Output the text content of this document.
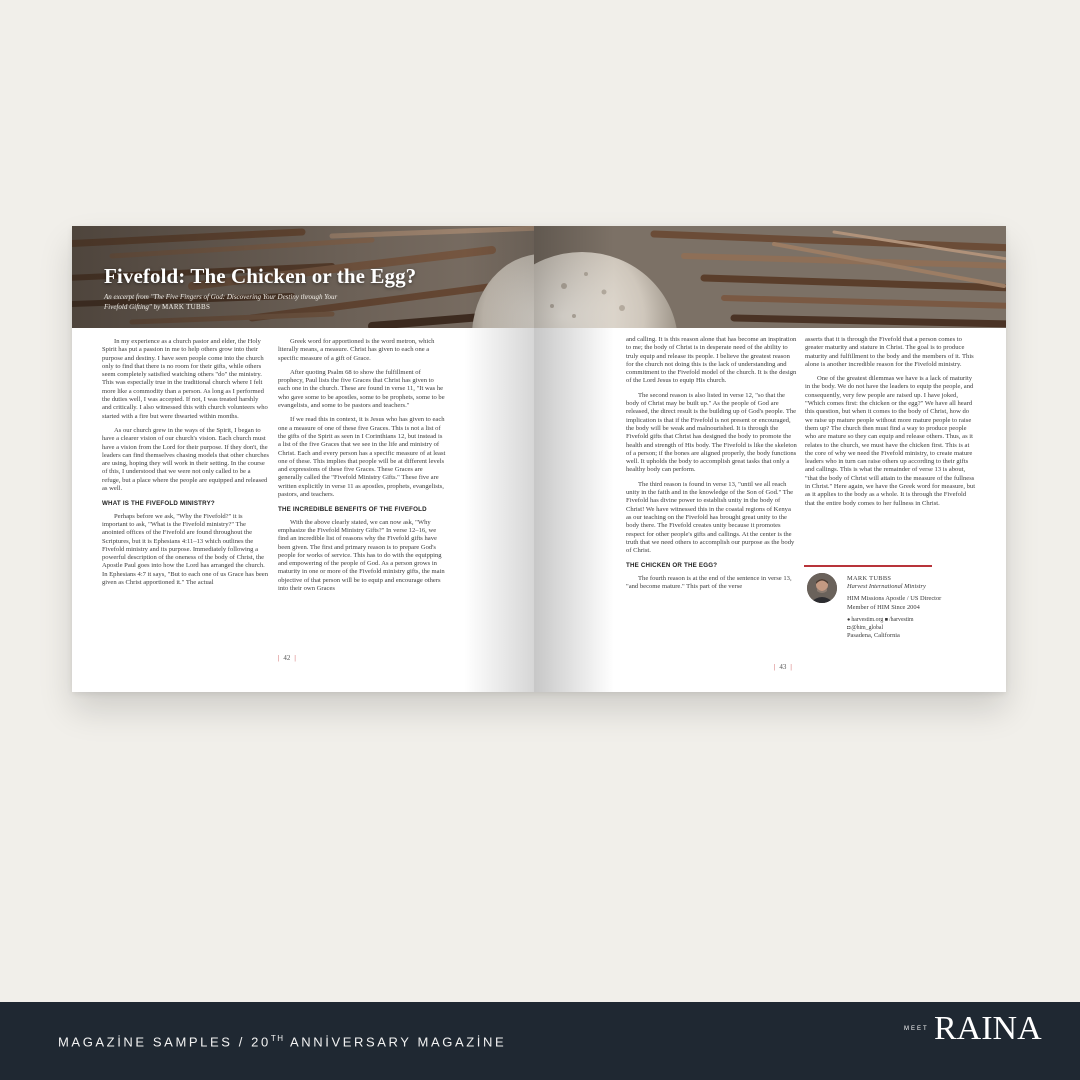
Fivefold: The Chicken or the Egg?
An excerpt from "The Five Fingers of God: Discovering Your Destiny through Your Fivefold Gifting" by MARK TUBBS

In my experience as a church pastor and elder, the Holy Spirit has put a passion in me to help others grow into their purpose and destiny. I have seen people come into the church only to find that there is no room for their gifts, while others seem completely satisfied watching others "do" the ministry. This was especially true in the traditional church where I felt more like a commodity than a person. As long as I performed the duties well, I was accepted. If not, I was treated harshly and critically. I also witnessed this with church volunteers who started with a fire but were thwarted within months.

As our church grew in the ways of the Spirit, I began to have a clearer vision of our church's vision. Each church must have a vision from the Lord for their purpose. If they don't, the leaders can find themselves chasing models that other churches are using, hoping they will work in their setting. In the course of this, I understood that we were not only called to be a refuge, but a place where the people are equipped and released as well.

WHAT IS THE FIVEFOLD MINISTRY?

Perhaps before we ask, "Why the Fivefold?" it is important to ask, "What is the Fivefold ministry?" The anointed offices of the Fivefold are found throughout the Scriptures, but it is Ephesians 4:11–13 which outlines the Fivefold ministry and its purpose. Immediately following a powerful description of the oneness of the body of Christ, the Apostle Paul goes into how the Lord has arranged the church. In Ephesians 4:7 it says, "But to each one of us Grace has been given as Christ apportioned it." The actual

Greek word for apportioned is the word metron, which literally means, a measure. Christ has given to each one a specific measure of a gift of Grace.

After quoting Psalm 68 to show the fulfillment of prophecy, Paul lists the five Graces that Christ has given to each one in the church. These are found in verse 11, "It was he who gave some to be apostles, some to be prophets, some to be evangelists, and some to be pastors and teachers."

If we read this in context, it is Jesus who has given to each one a measure of one of these five Graces. This is not a list of the gifts of the Spirit as seen in I Corinthians 12, but instead is a list of the five Graces that we see in the life and ministry of Christ. Each and every person has a specific measure of at least one of these. This implies that people will be at different levels and expressions of these five Graces. These Graces are generally called the "Fivefold Ministry Gifts." These five are written explicitly in verse 11 as apostles, prophets, evangelists, pastors, and teachers.

THE INCREDIBLE BENEFITS OF THE FIVEFOLD

With the above clearly stated, we can now ask, "Why emphasize the Fivefold Ministry Gifts?" In verse 12–16, we find an incredible list of reasons why the Fivefold gifts have been given. The first and primary reason is to prepare God's people for works of service. This has to do with the equipping and empowering of the people of God. As a person grows in maturity in one or more of the Fivefold ministry gifts, the main objective of that person will be to equip and encourage others into their own Graces

| 42 |

and calling. It is this reason alone that has become an inspiration to me; the body of Christ is in desperate need of the ability to truly equip and release its people. I believe the greatest reason for the church not doing this is the lack of understanding and commitment to the Fivefold model of the church. It is the design of the Lord Jesus to equip His church.

The second reason is also listed in verse 12, "so that the body of Christ may be built up." As the people of God are released, the direct result is the building up of God's people. The implication is that if the Fivefold is not present or encouraged, the body will be weak and malnourished. It is through the Fivefold gifts that Christ has designed the body to promote the health and strength of His body. The Fivefold is like the skeleton of a person; if the bones are aligned properly, the body functions well. It upholds the body to accomplish great tasks that only a healthy body can perform.

The third reason is found in verse 13, "until we all reach unity in the faith and in the knowledge of the Son of God." The Fivefold has divine power to establish unity in the body of Christ! We have witnessed this in the coastal regions of Kenya as our teaching on the Fivefold has brought great unity to the body there. The Fivefold creates unity because it promotes respect for other people's gifts and callings. At the center is the truth that we need others to accomplish our purpose as the body of Christ.

THE CHICKEN OR THE EGG?

The fourth reason is at the end of the sentence in verse 13, "and become mature." This part of the verse

asserts that it is through the Fivefold that a person comes to greater maturity and stature in Christ. The goal is to produce maturity and fulfillment to the body and the members of it. This alone is another incredible reason for the Fivefold ministry.

One of the greatest dilemmas we have is a lack of maturity in the body. We do not have the leaders to equip the people, and consequently, very few people are raised up. I have joked, "Which comes first: the chicken or the egg?" We have all heard this question, but when it comes to the body of Christ, how do we raise up mature people without more mature people to raise them up? The church then must find a way to produce people who are mature so they can equip and release others. Thus, as it relates to the church, we must have the chicken first. This is at the core of why we need the Fivefold ministry, to create mature leaders who in turn can raise others up according to their gifts and callings. This is what the remainder of verse 13 is about, "that the body of Christ will attain to the measure of the fullness in Christ." Here again, we have the Greek word for measure, but as it applies to the body as a whole. It is through the Fivefold that the entire body comes to her fullness in Christ.

MARK TUBBS
Harvest International Ministry
HIM Missions Apostle / US Director
Member of HIM Since 2004
●harvestim.org ■/harvestim
◘@him_global
Pasadena, California
| 43 |
MAGAZİNE SAMPLES / 20TH ANNİVERSARY MAGAZİNE
MEET RAINA
